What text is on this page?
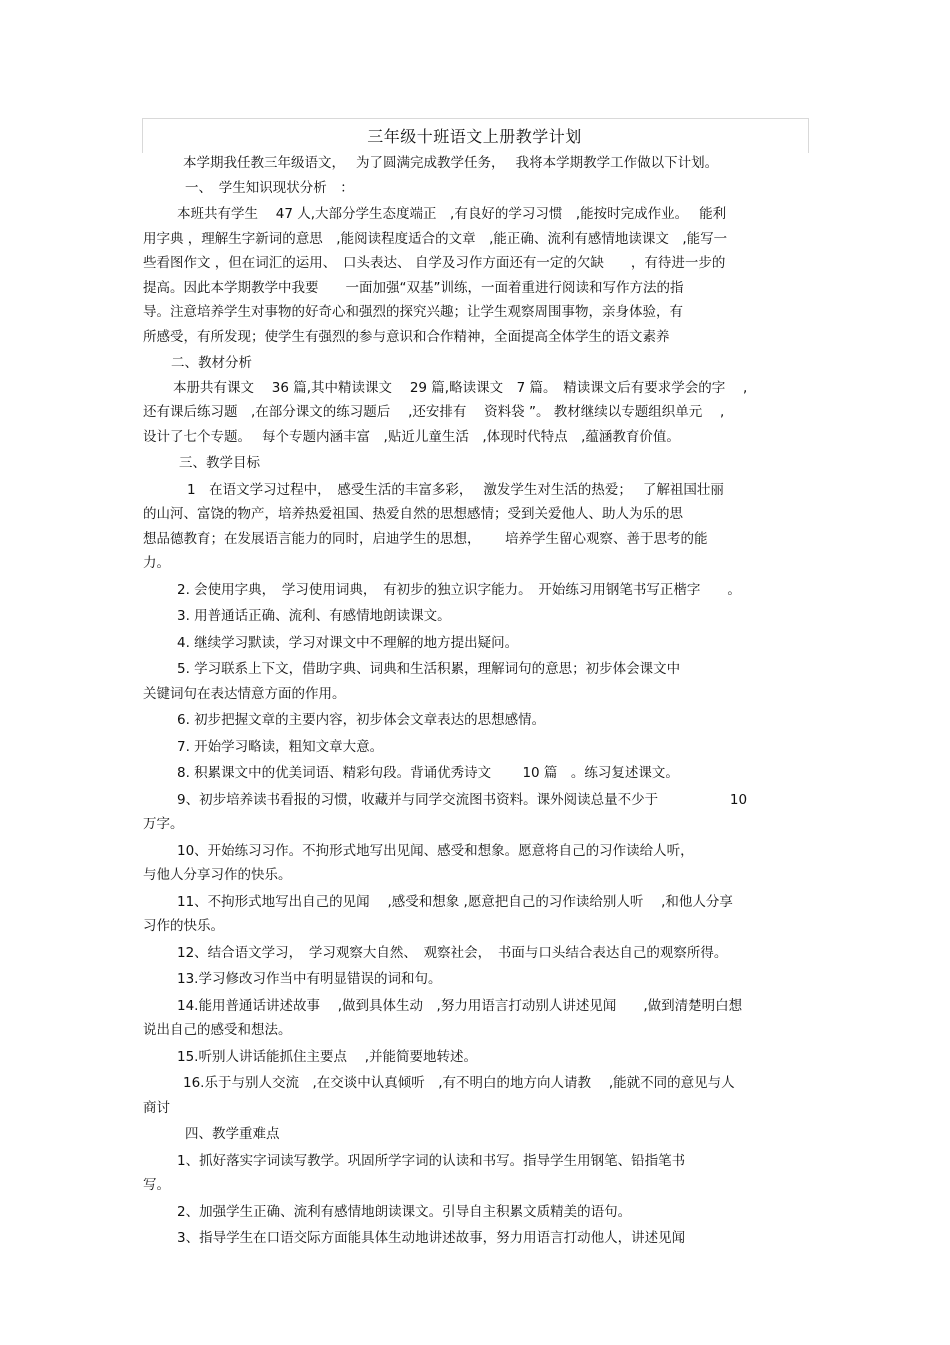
三年级十班语文上册教学计划

本学期我任教三年级语文，　 为了圆满完成教学任务，　 我将本学期教学工作做以下计划。

一、　学生知识现状分析　：

本班共有学生　 47 人,大部分学生态度端正　,有良好的学习习惯　,能按时完成作业。　 能利

用字典 ，理解生字新词的意思　,能阅读程度适合的文章　,能正确、流利有感情地读课文　,能写一

些看图作文 ，但在词汇的运用、　口头表达、 自学及习作方面还有一定的欠缺　　，有待进一步的

提高。因此本学期教学中我要　　一面加强“双基”训练，一面着重进行阅读和写作方法的指

导。注意培养学生对事物的好奇心和强烈的探究兴趣；让学生观察周围事物，亲身体验，有

所感受，有所发现；使学生有强烈的参与意识和合作精神，全面提高全体学生的语文素养

二、教材分析

本册共有课文　 36 篇,其中精读课文　 29 篇,略读课文　7 篇。　精读课文后有要求学会的字　 ,

还有课后练习题　,在部分课文的练习题后　 ,还安排有　 资料袋 ”。 教材继续以专题组织单元　 ,

设计了七个专题。　 每个专题内涵丰富　,贴近儿童生活　,体现时代特点　,蕴涵教育价值。

三、教学目标

1　在语文学习过程中，　感受生活的丰富多彩，　 激发学生对生活的热爱；　 了解祖国壮丽

的山河、富饶的物产，培养热爱祖国、热爱自然的思想感情；受到关爱他人、助人为乐的思

想品德教育；在发展语言能力的同时，启迪学生的思想，　　 培养学生留心观察、善于思考的能

力。

2. 会使用字典，　学习使用词典，　有初步的独立识字能力。　开始练习用钢笔书写正楷字　　。

3. 用普通话正确、流利、有感情地朗读课文。

4. 继续学习默读，学习对课文中不理解的地方提出疑问。

5. 学习联系上下文，借助字典、词典和生活积累，理解词句的意思；初步体会课文中

关键词句在表达情意方面的作用。

6. 初步把握文章的主要内容，初步体会文章表达的思想感情。

7. 开始学习略读，粗知文章大意。

8. 积累课文中的优美词语、精彩句段。背诵优秀诗文　　 10 篇　。练习复述课文。

9、初步培养读书看报的习惯，收藏并与同学交流图书资料。课外阅读总量不少于　　　　　 10

万字。

10、开始练习习作。不拘形式地写出见闻、感受和想象。愿意将自己的习作读给人听，

与他人分享习作的快乐。

11、不拘形式地写出自己的见闻　 ,感受和想象 ,愿意把自己的习作读给别人听　 ,和他人分享

习作的快乐。

12、结合语文学习，　学习观察大自然、　观察社会，　书面与口头结合表达自己的观察所得。

13.学习修改习作当中有明显错误的词和句。

14.能用普通话讲述故事　 ,做到具体生动　,努力用语言打动别人讲述见闻　　,做到清楚明白想

说出自己的感受和想法。

15.听别人讲话能抓住主要点　 ,并能简要地转述。

16.乐于与别人交流　,在交谈中认真倾听　,有不明白的地方向人请教　 ,能就不同的意见与人

商讨

四、教学重难点

1、抓好落实字词读写教学。巩固所学字词的认读和书写。指导学生用钢笔、铅指笔书

写。

2、加强学生正确、流利有感情地朗读课文。引导自主积累文质精美的语句。

3、指导学生在口语交际方面能具体生动地讲述故事，努力用语言打动他人，讲述见闻
